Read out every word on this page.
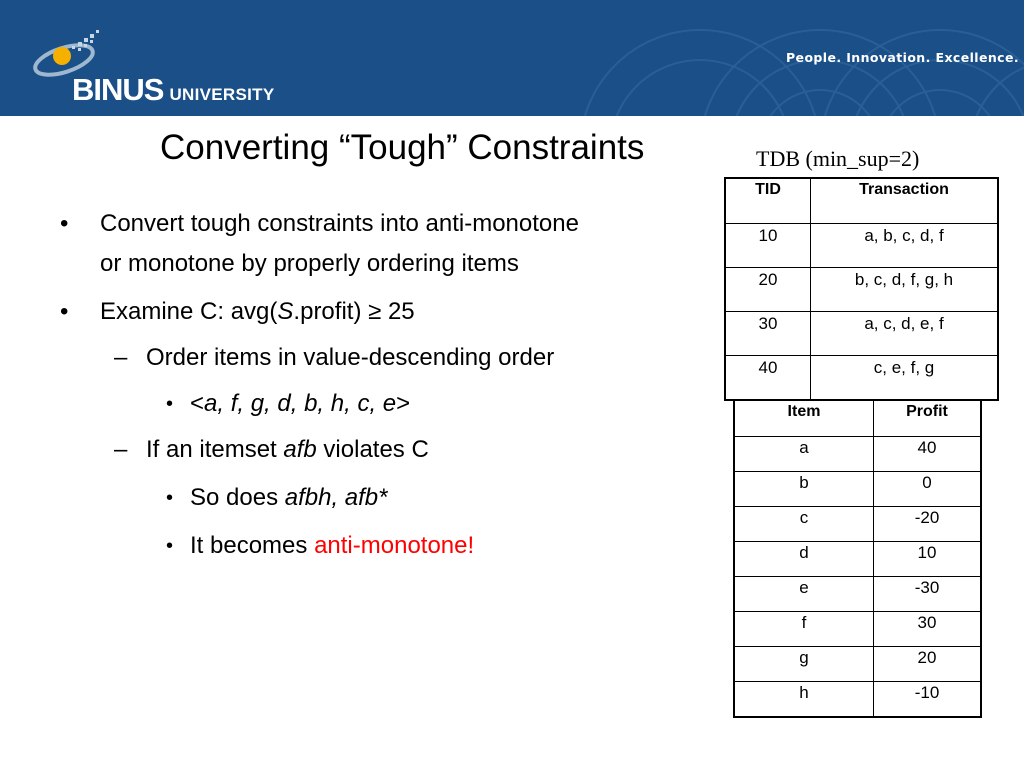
BINUS UNIVERSITY
People. Innovation. Excellence.
Converting “Tough” Constraints
• Convert tough constraints into anti-monotone
or monotone by properly ordering items
• Examine C: avg(S.profit) ≥ 25
– Order items in value-descending order
• <a, f, g, d, b, h, c, e>
– If an itemset afb violates C
• So does afbh, afb*
• It becomes anti-monotone!
TDB (min_sup=2)
TID	Transaction
10	a, b, c, d, f
20	b, c, d, f, g, h
30	a, c, d, e, f
40	c, e, f, g
Item	Profit
a	40
b	0
c	-20
d	10
e	-30
f	30
g	20
h	-10
